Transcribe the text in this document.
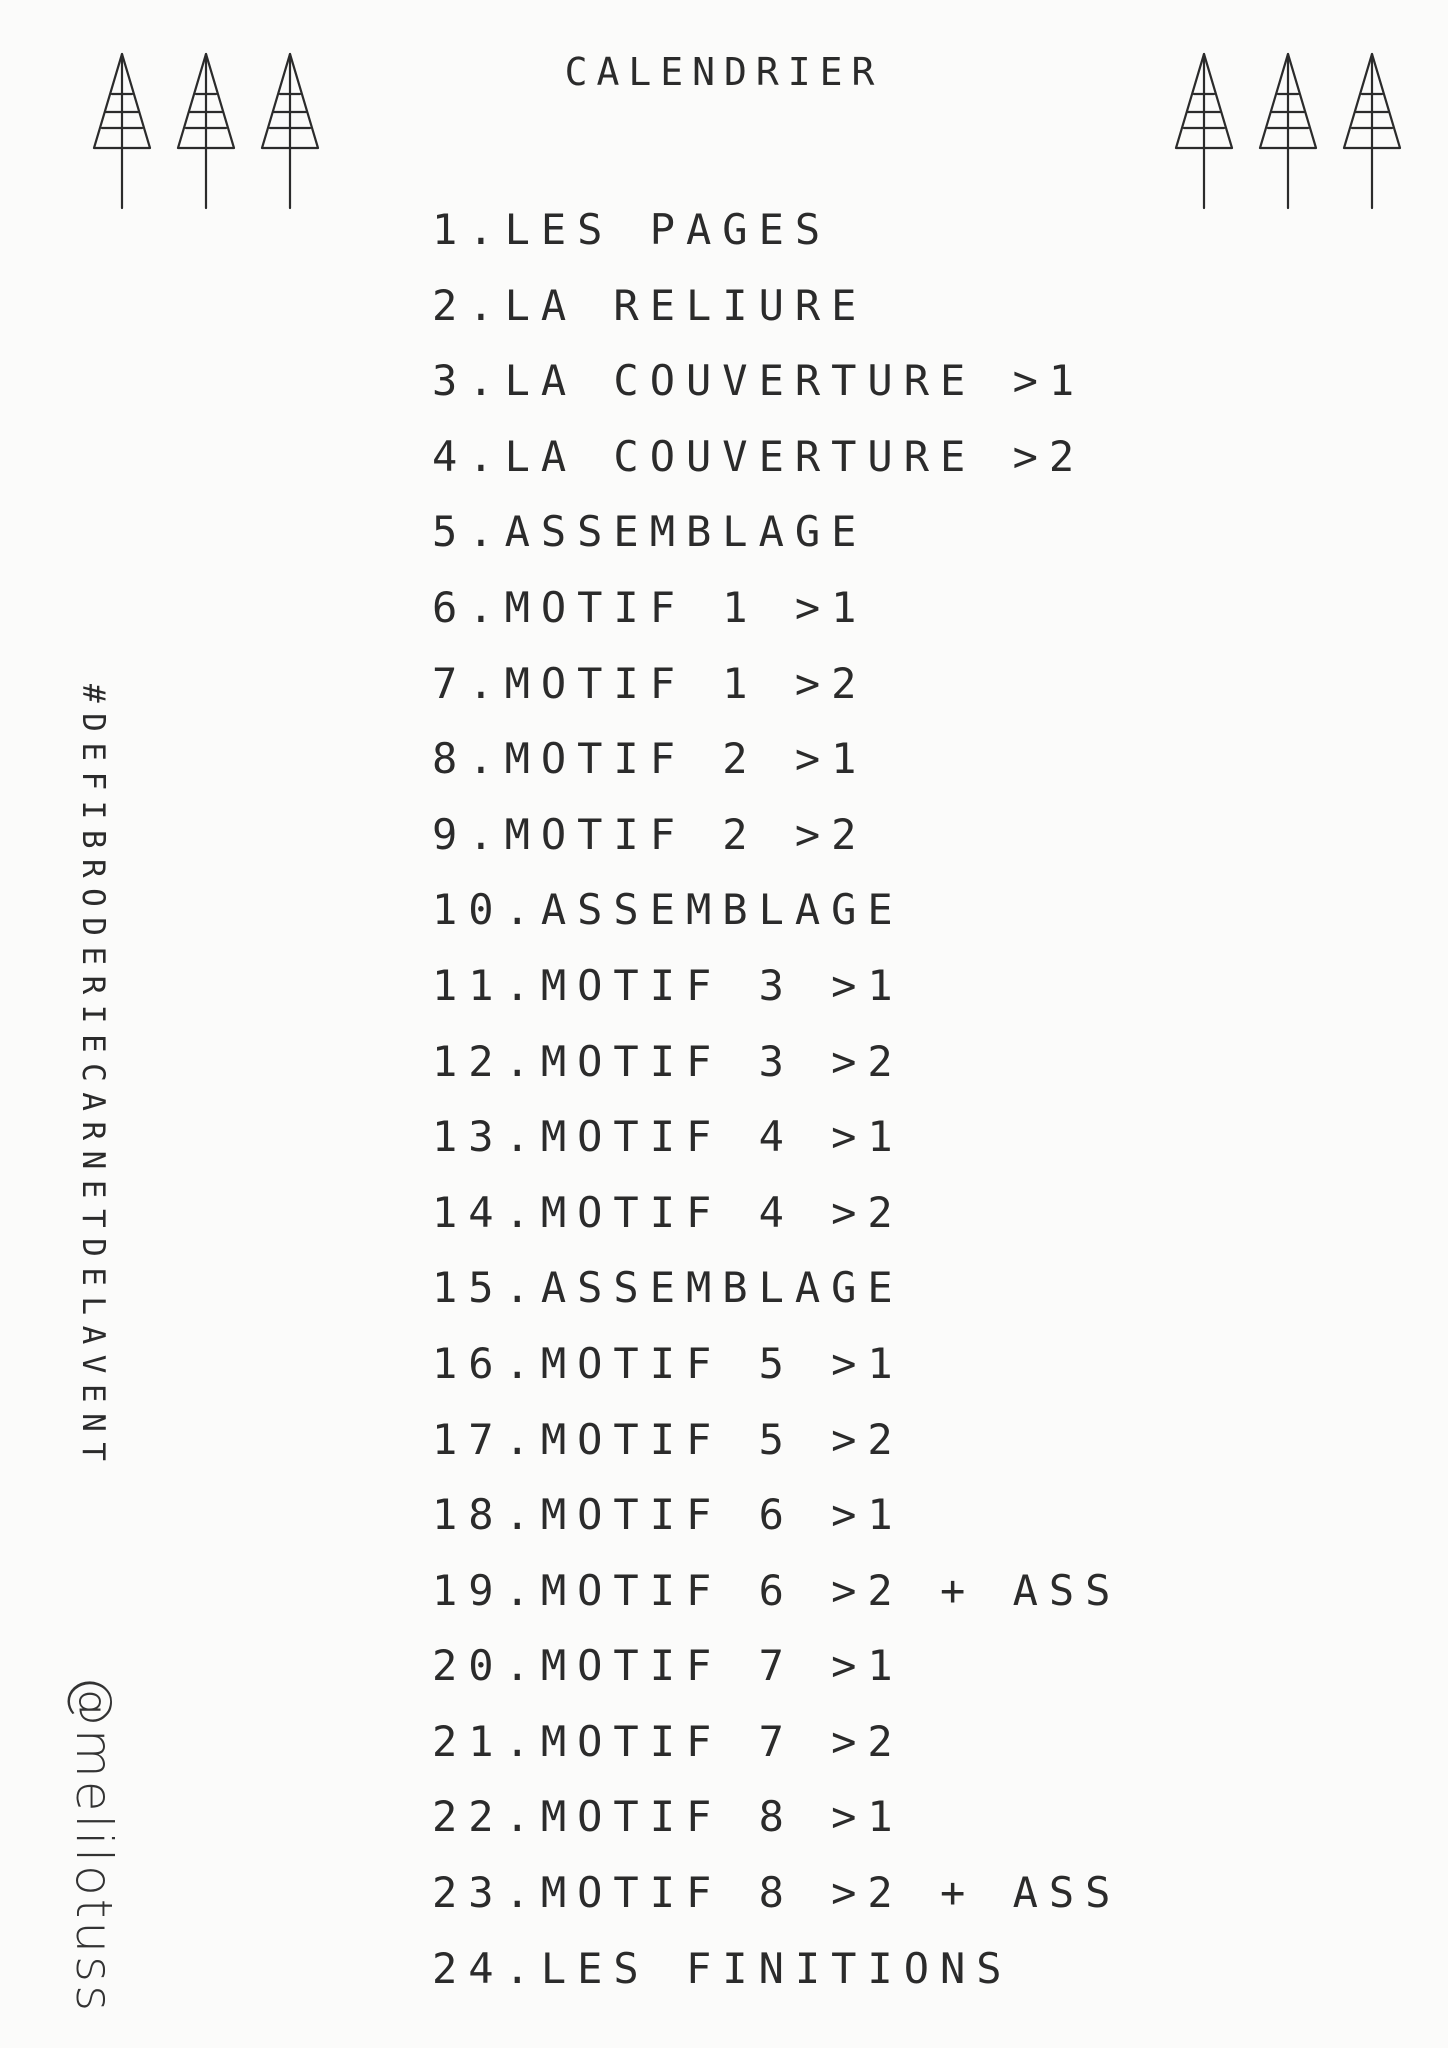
CALENDRIER
1.LES PAGES
2.LA RELIURE
3.LA COUVERTURE >1
4.LA COUVERTURE >2
5.ASSEMBLAGE
6.MOTIF 1 >1
7.MOTIF 1 >2
8.MOTIF 2 >1
9.MOTIF 2 >2
10.ASSEMBLAGE
11.MOTIF 3 >1
12.MOTIF 3 >2
13.MOTIF 4 >1
14.MOTIF 4 >2
15.ASSEMBLAGE
16.MOTIF 5 >1
17.MOTIF 5 >2
18.MOTIF 6 >1
19.MOTIF 6 >2 + ASS
20.MOTIF 7 >1
21.MOTIF 7 >2
22.MOTIF 8 >1
23.MOTIF 8 >2 + ASS
24.LES FINITIONS
#DEFIBRODERIECARNETDELAVENT
@melilotuss
